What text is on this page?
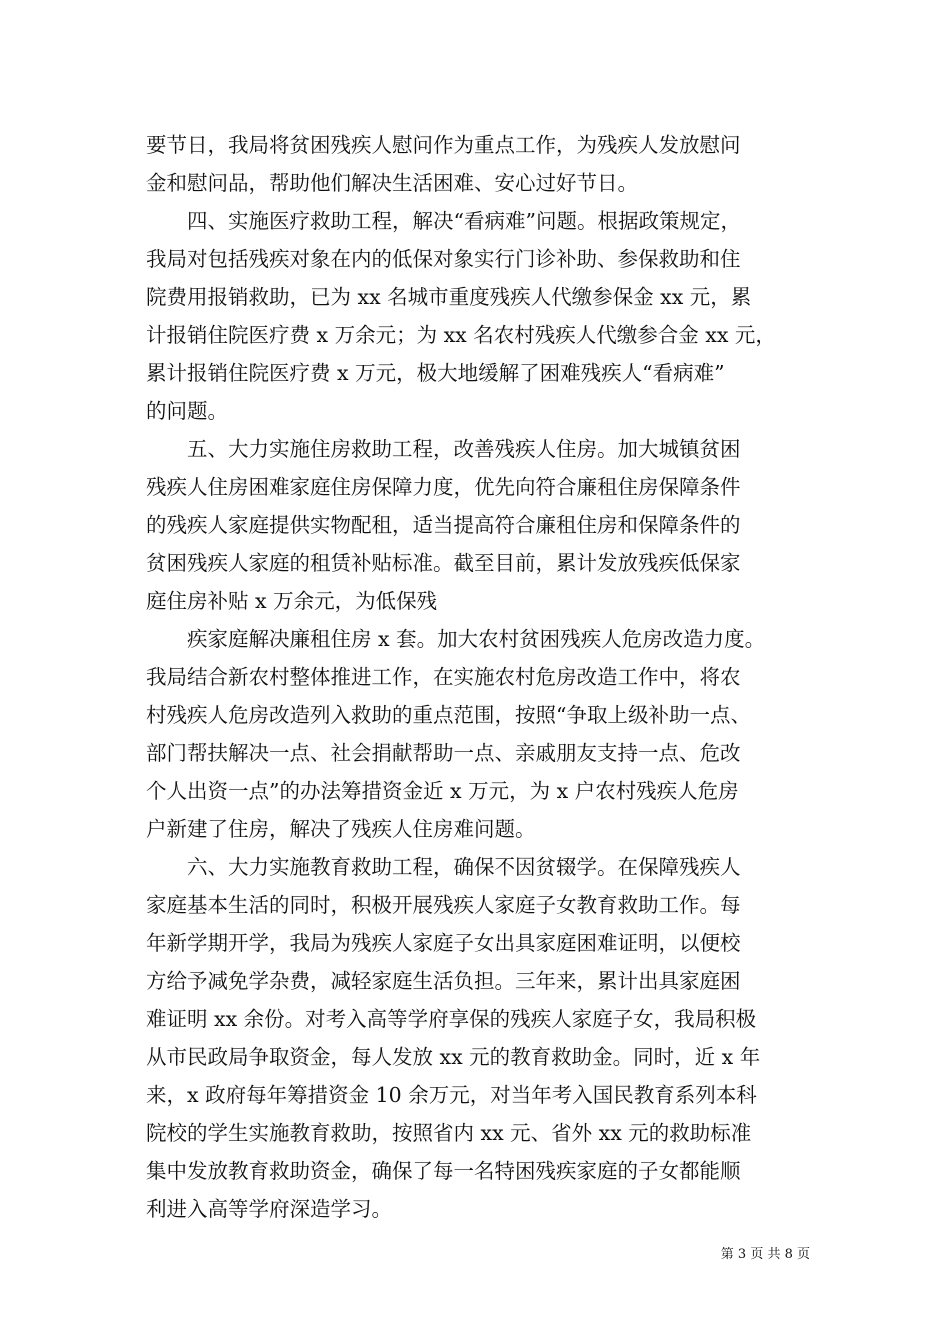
要节日，我局将贫困残疾人慰问作为重点工作，为残疾人发放慰问
金和慰问品，帮助他们解决生活困难、安心过好节日。
四、实施医疗救助工程，解决“看病难”问题。根据政策规定，
我局对包括残疾对象在内的低保对象实行门诊补助、参保救助和住
院费用报销救助，已为 xx 名城市重度残疾人代缴参保金 xx 元，累
计报销住院医疗费 x 万余元；为 xx 名农村残疾人代缴参合金 xx 元，
累计报销住院医疗费 x 万元，极大地缓解了困难残疾人“看病难”
的问题。
五、大力实施住房救助工程，改善残疾人住房。加大城镇贫困
残疾人住房困难家庭住房保障力度，优先向符合廉租住房保障条件
的残疾人家庭提供实物配租，适当提高符合廉租住房和保障条件的
贫困残疾人家庭的租赁补贴标准。截至目前，累计发放残疾低保家
庭住房补贴 x 万余元，为低保残
疾家庭解决廉租住房 x 套。加大农村贫困残疾人危房改造力度。
我局结合新农村整体推进工作，在实施农村危房改造工作中，将农
村残疾人危房改造列入救助的重点范围，按照“争取上级补助一点、
部门帮扶解决一点、社会捐献帮助一点、亲戚朋友支持一点、危改
个人出资一点”的办法筹措资金近 x 万元，为 x 户农村残疾人危房
户新建了住房，解决了残疾人住房难问题。
六、大力实施教育救助工程，确保不因贫辍学。在保障残疾人
家庭基本生活的同时，积极开展残疾人家庭子女教育救助工作。每
年新学期开学，我局为残疾人家庭子女出具家庭困难证明，以便校
方给予减免学杂费，减轻家庭生活负担。三年来，累计出具家庭困
难证明 xx 余份。对考入高等学府享保的残疾人家庭子女，我局积极
从市民政局争取资金，每人发放 xx 元的教育救助金。同时，近 x 年
来，x 政府每年筹措资金 10 余万元，对当年考入国民教育系列本科
院校的学生实施教育救助，按照省内 xx 元、省外 xx 元的救助标准
集中发放教育救助资金，确保了每一名特困残疾家庭的子女都能顺
利进入高等学府深造学习。
第 3 页 共 8 页
